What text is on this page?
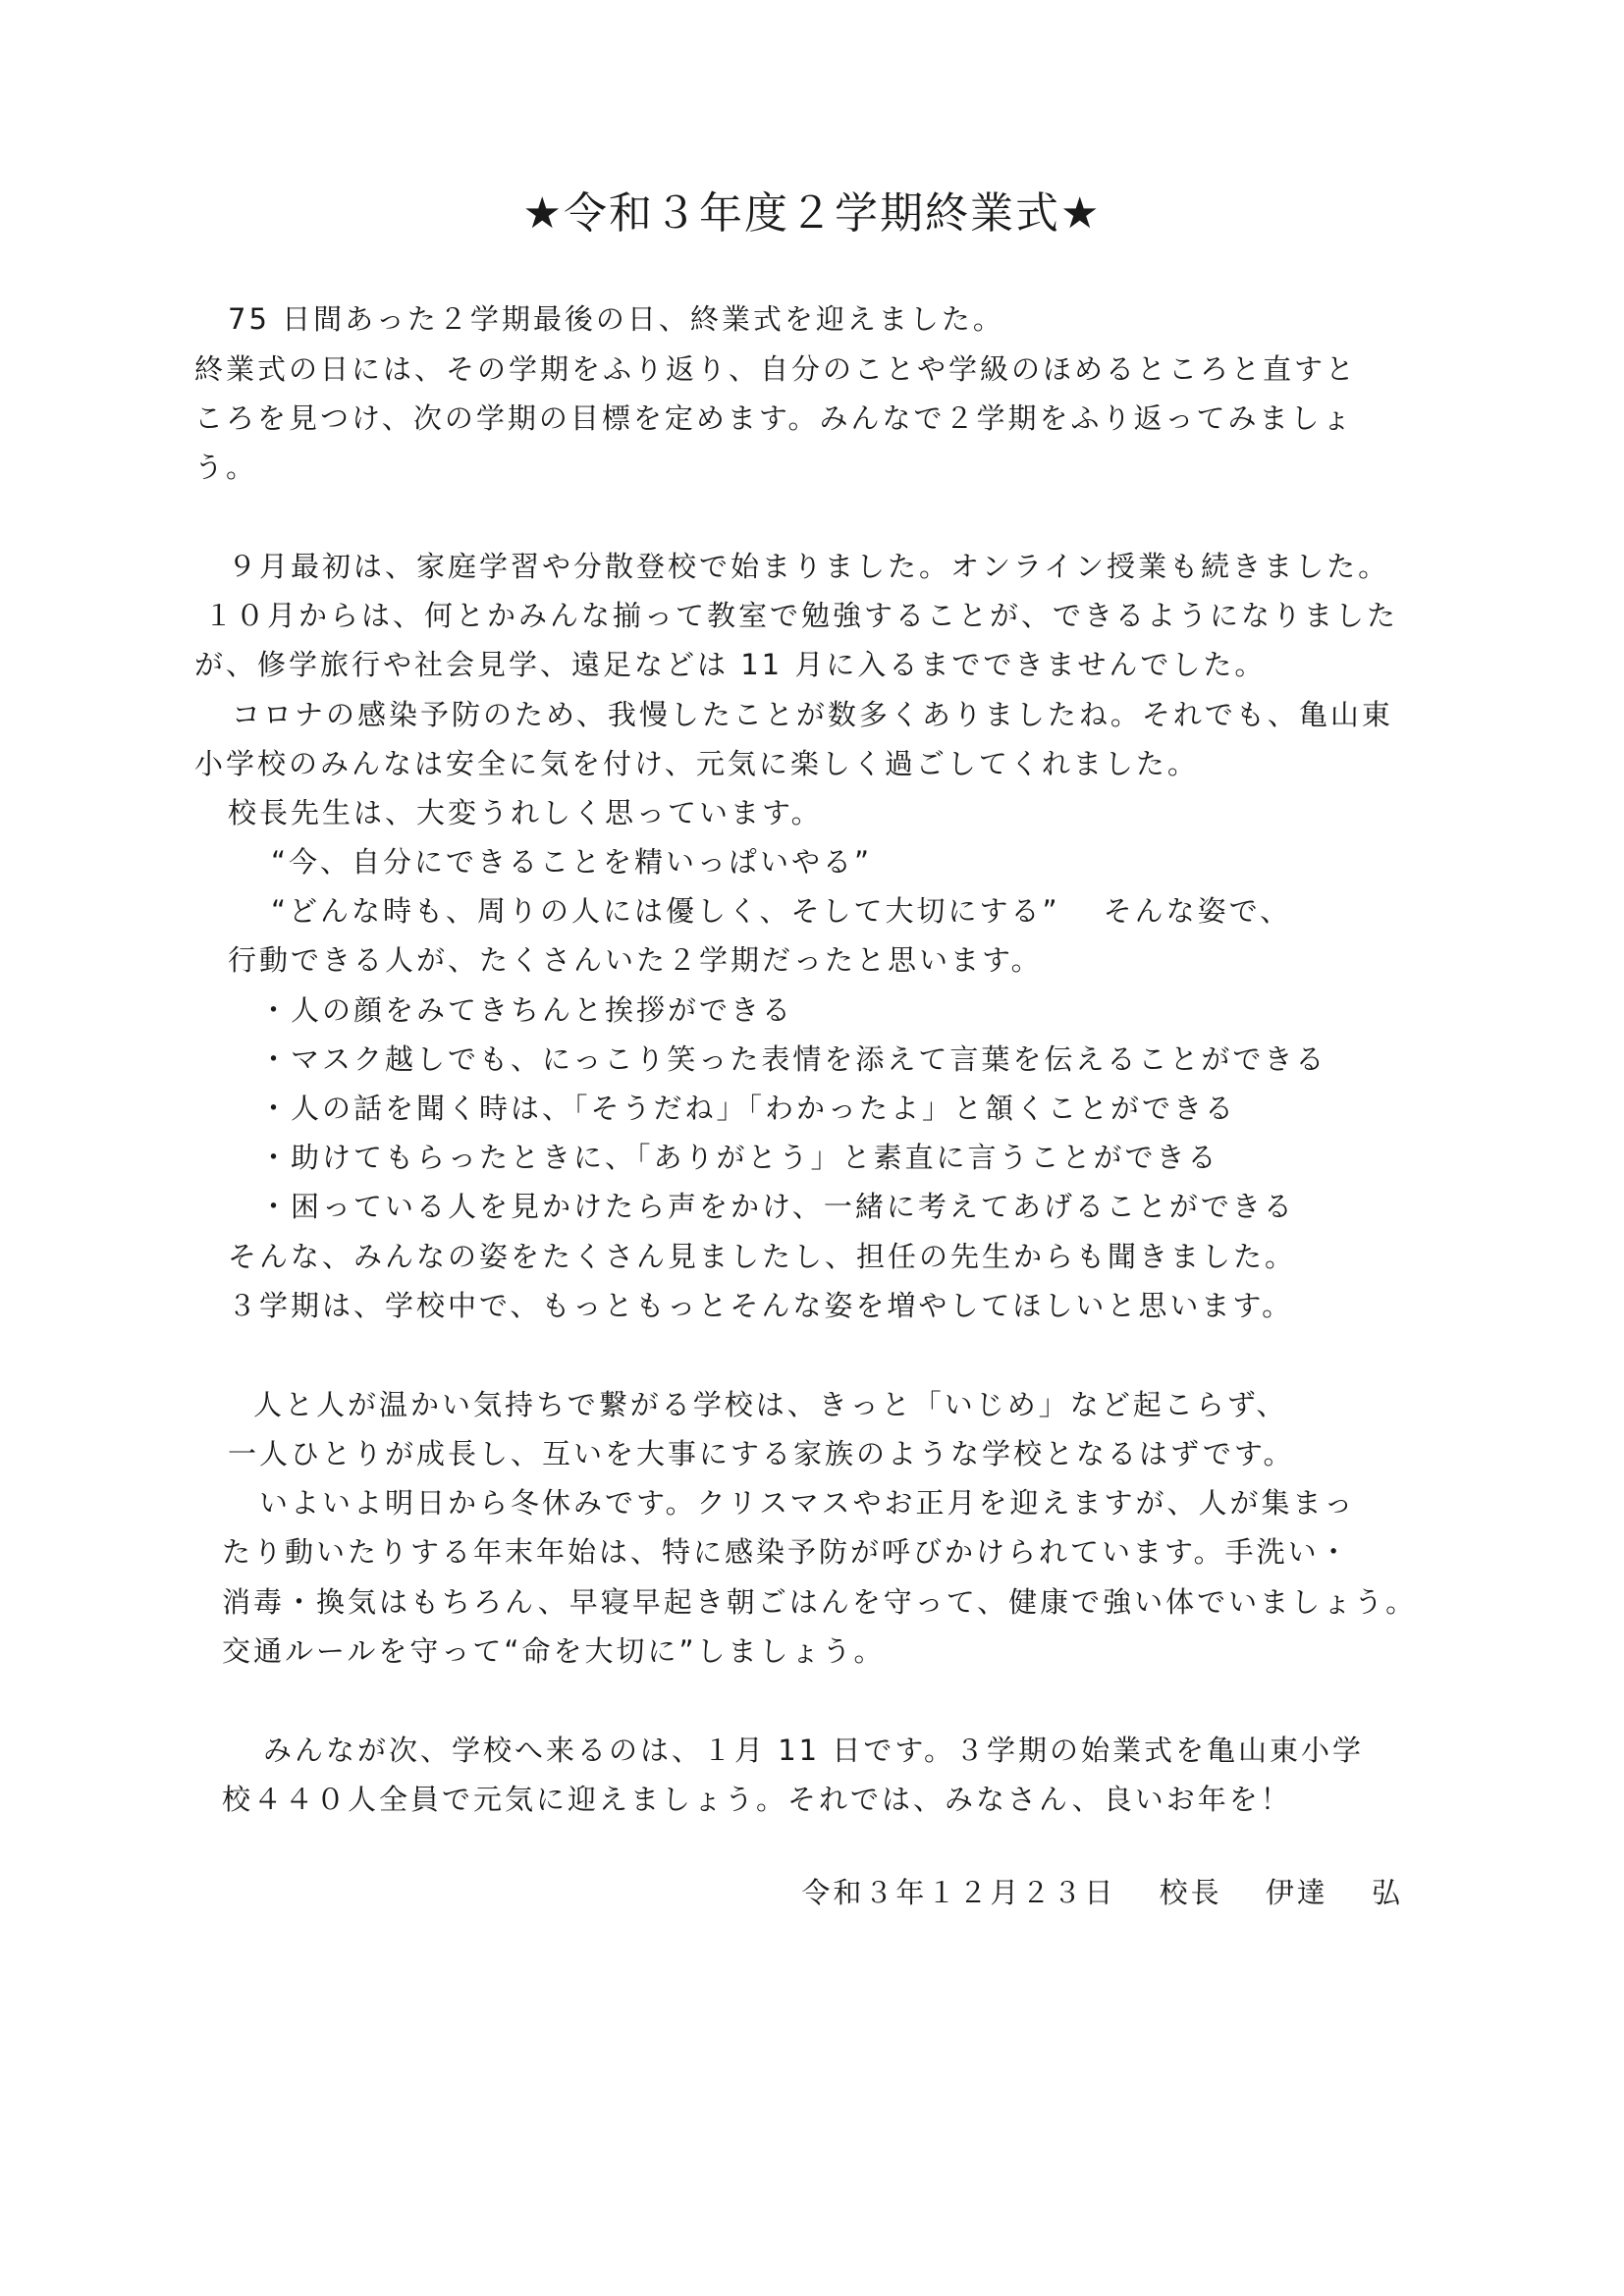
★令和３年度２学期終業式★
75 日間あった２学期最後の日、終業式を迎えました。
終業式の日には、その学期をふり返り、自分のことや学級のほめるところと直すと
ころを見つけ、次の学期の目標を定めます。みんなで２学期をふり返ってみましょ
う。
９月最初は、家庭学習や分散登校で始まりました。オンライン授業も続きました。
１０月からは、何とかみんな揃って教室で勉強することが、できるようになりました
が、修学旅行や社会見学、遠足などは 11 月に入るまでできませんでした。
コロナの感染予防のため、我慢したことが数多くありましたね。それでも、亀山東
小学校のみんなは安全に気を付け、元気に楽しく過ごしてくれました。
校長先生は、大変うれしく思っています。
“今、自分にできることを精いっぱいやる”
“どんな時も、周りの人には優しく、そして大切にする”　 そんな姿で、
行動できる人が、たくさんいた２学期だったと思います。
・人の顔をみてきちんと挨拶ができる
・マスク越しでも、にっこり笑った表情を添えて言葉を伝えることができる
・人の話を聞く時は、「そうだね」「わかったよ」と頷くことができる
・助けてもらったときに、「ありがとう」と素直に言うことができる
・困っている人を見かけたら声をかけ、一緒に考えてあげることができる
そんな、みんなの姿をたくさん見ましたし、担任の先生からも聞きました。
３学期は、学校中で、もっともっとそんな姿を増やしてほしいと思います。
人と人が温かい気持ちで繋がる学校は、きっと「いじめ」など起こらず、
一人ひとりが成長し、互いを大事にする家族のような学校となるはずです。
いよいよ明日から冬休みです。クリスマスやお正月を迎えますが、人が集まっ
たり動いたりする年末年始は、特に感染予防が呼びかけられています。手洗い・
消毒・換気はもちろん、早寝早起き朝ごはんを守って、健康で強い体でいましょう。
交通ルールを守って“命を大切に”しましょう。
みんなが次、学校へ来るのは、１月 11 日です。３学期の始業式を亀山東小学
校４４０人全員で元気に迎えましょう。それでは、みなさん、良いお年を！
令和３年１２月２３日　 校長　 伊達　 弘
